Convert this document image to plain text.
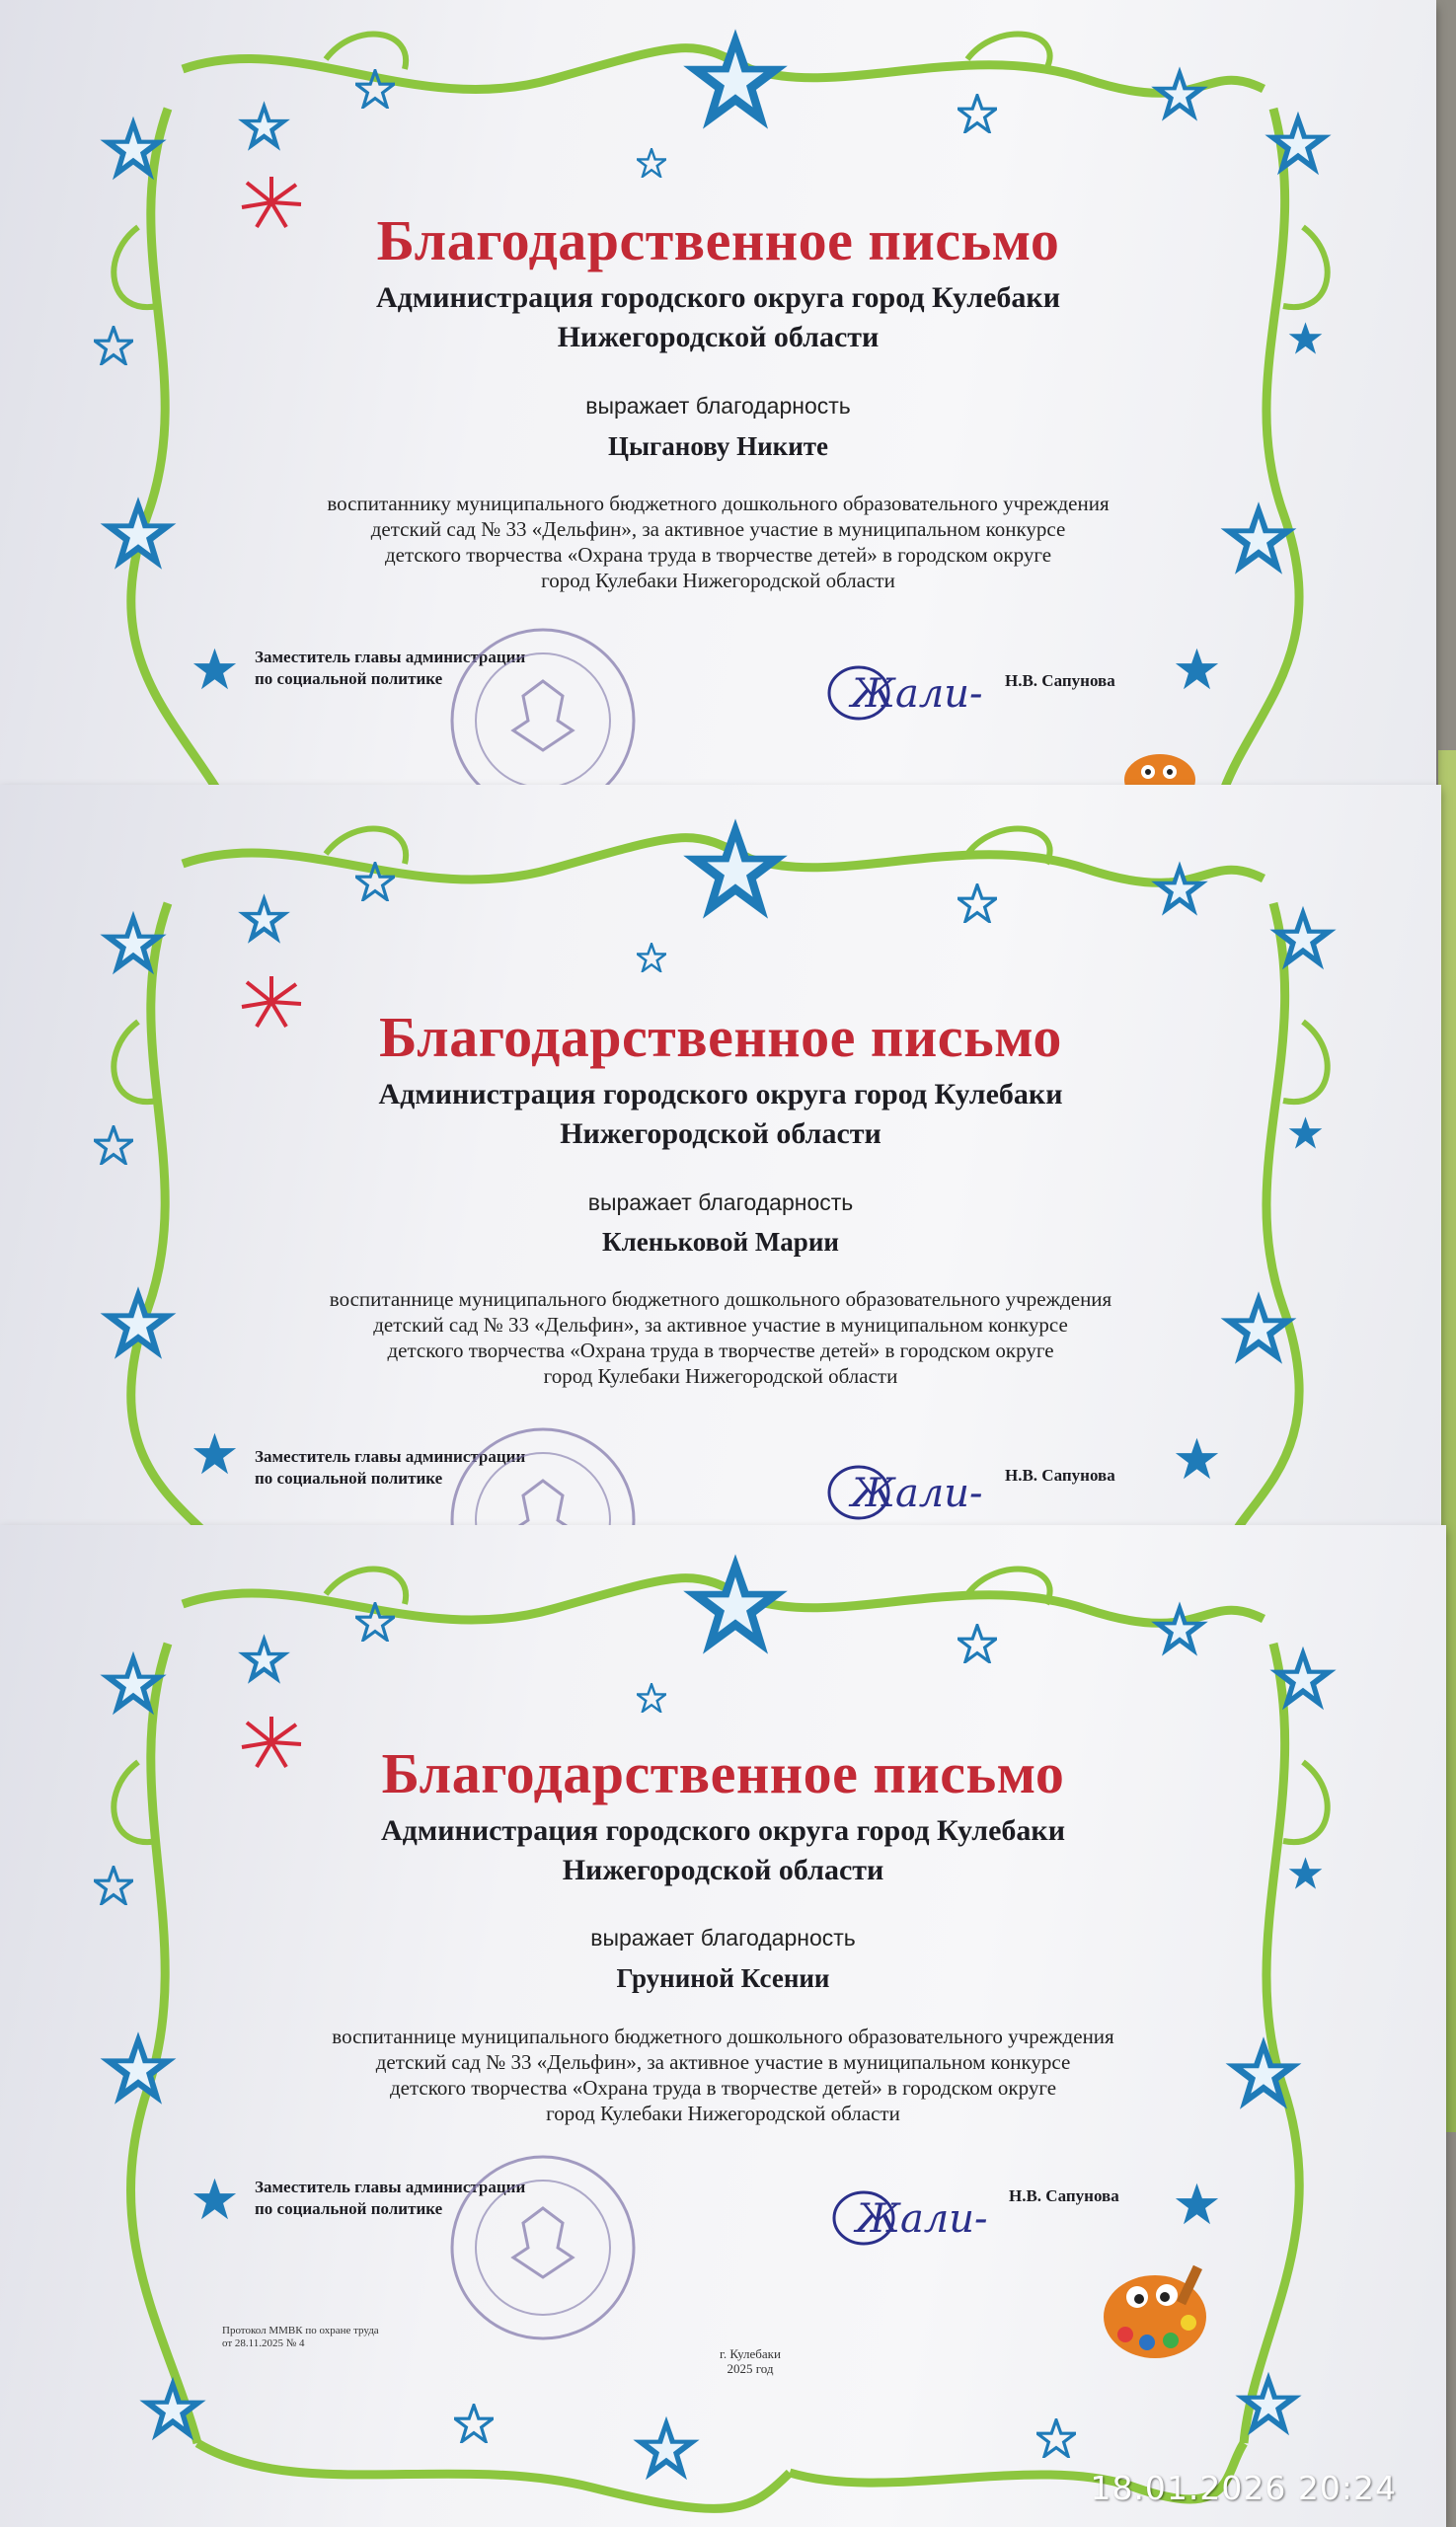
Благодарственное письмо
Администрация городского округа город Кулебаки
Нижегородской области
выражает благодарность
Цыганову Никите
воспитаннику муниципального бюджетного дошкольного образовательного учреждения
детский сад № 33 «Дельфин», за активное участие в муниципальном конкурсе
детского творчества «Охрана труда в творчестве детей» в городском округе
город Кулебаки Нижегородской области
Заместитель главы администрации
по социальной политике	Жали- Н.В. Сапунова
Благодарственное письмо
Администрация городского округа город Кулебаки
Нижегородской области
выражает благодарность
Кленьковой Марии
воспитаннице муниципального бюджетного дошкольного образовательного учреждения
детский сад № 33 «Дельфин», за активное участие в муниципальном конкурсе
детского творчества «Охрана труда в творчестве детей» в городском округе
город Кулебаки Нижегородской области
Заместитель главы администрации
по социальной политике	Жали- Н.В. Сапунова
Благодарственное письмо
Администрация городского округа город Кулебаки
Нижегородской области
выражает благодарность
Груниной Ксении
воспитаннице муниципального бюджетного дошкольного образовательного учреждения
детский сад № 33 «Дельфин», за активное участие в муниципальном конкурсе
детского творчества «Охрана труда в творчестве детей» в городском округе
город Кулебаки Нижегородской области
Заместитель главы администрации
по социальной политике	Жали-
Н.В. Сапунова
Протокол ММВК по охране труда
от 28.11.2025 № 4
г. Кулебаки
2025 год
18.01.2026 20:24
